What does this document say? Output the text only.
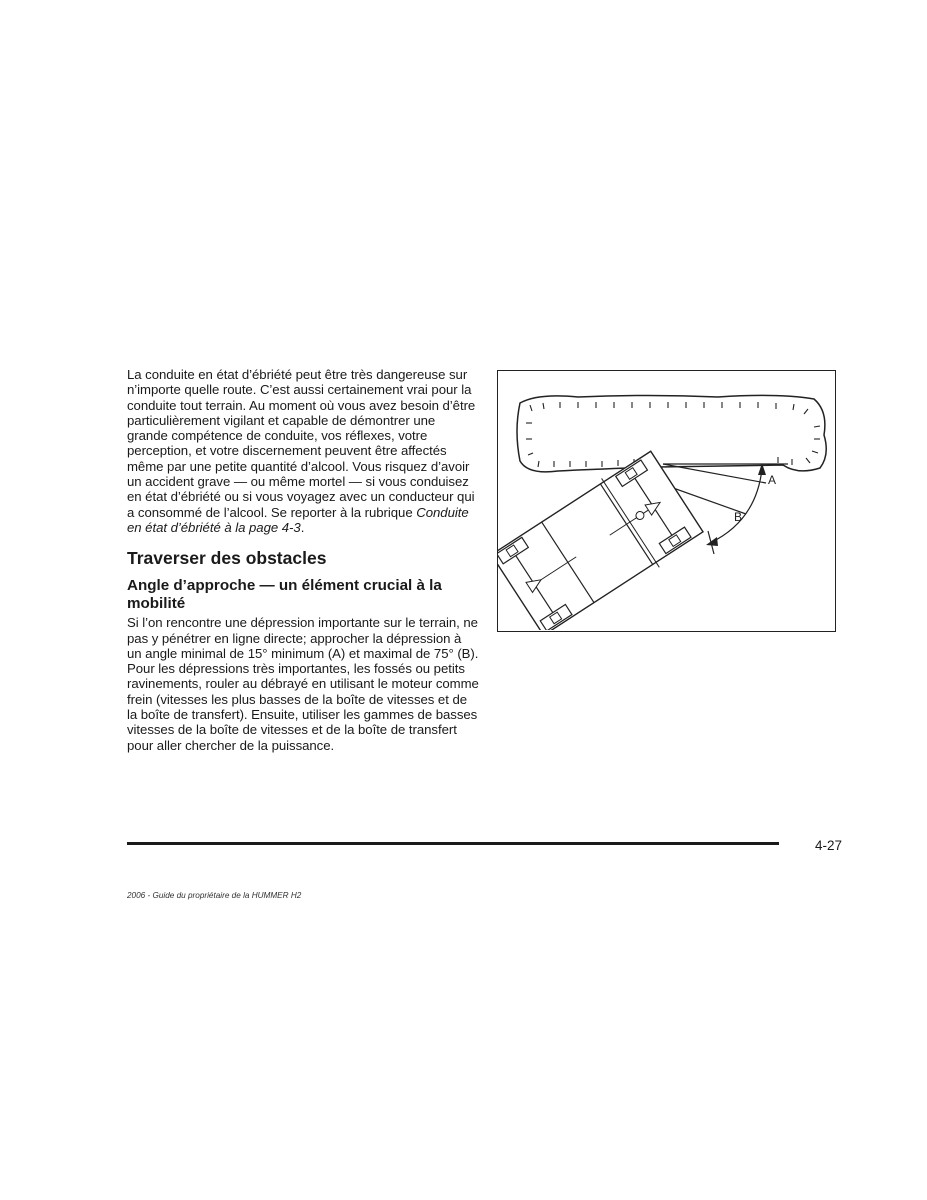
La conduite en état d’ébriété peut être très dangereuse sur n’importe quelle route. C’est aussi certainement vrai pour la conduite tout terrain. Au moment où vous avez besoin d’être particulièrement vigilant et capable de démontrer une grande compétence de conduite, vos réflexes, votre perception, et votre discernement peuvent être affectés même par une petite quantité d’alcool. Vous risquez d’avoir un accident grave — ou même mortel — si vous conduisez en état d’ébriété ou si vous voyagez avec un conducteur qui a consommé de l’alcool. Se reporter à la rubrique Conduite en état d’ébriété à la page 4-3.

Traverser des obstacles
Angle d’approche — un élément crucial à la mobilité

Si l’on rencontre une dépression importante sur le terrain, ne pas y pénétrer en ligne directe; approcher la dépression à un angle minimal de 15° minimum (A) et maximal de 75° (B). Pour les dépressions très importantes, les fossés ou petits ravinements, rouler au débrayé en utilisant le moteur comme frein (vitesses les plus basses de la boîte de vitesses et de la boîte de transfert). Ensuite, utiliser les gammes de basses vitesses de la boîte de vitesses et de la boîte de transfert pour aller chercher de la puissance.

A
B
4-27
2006 - Guide du propriétaire de la HUMMER H2
